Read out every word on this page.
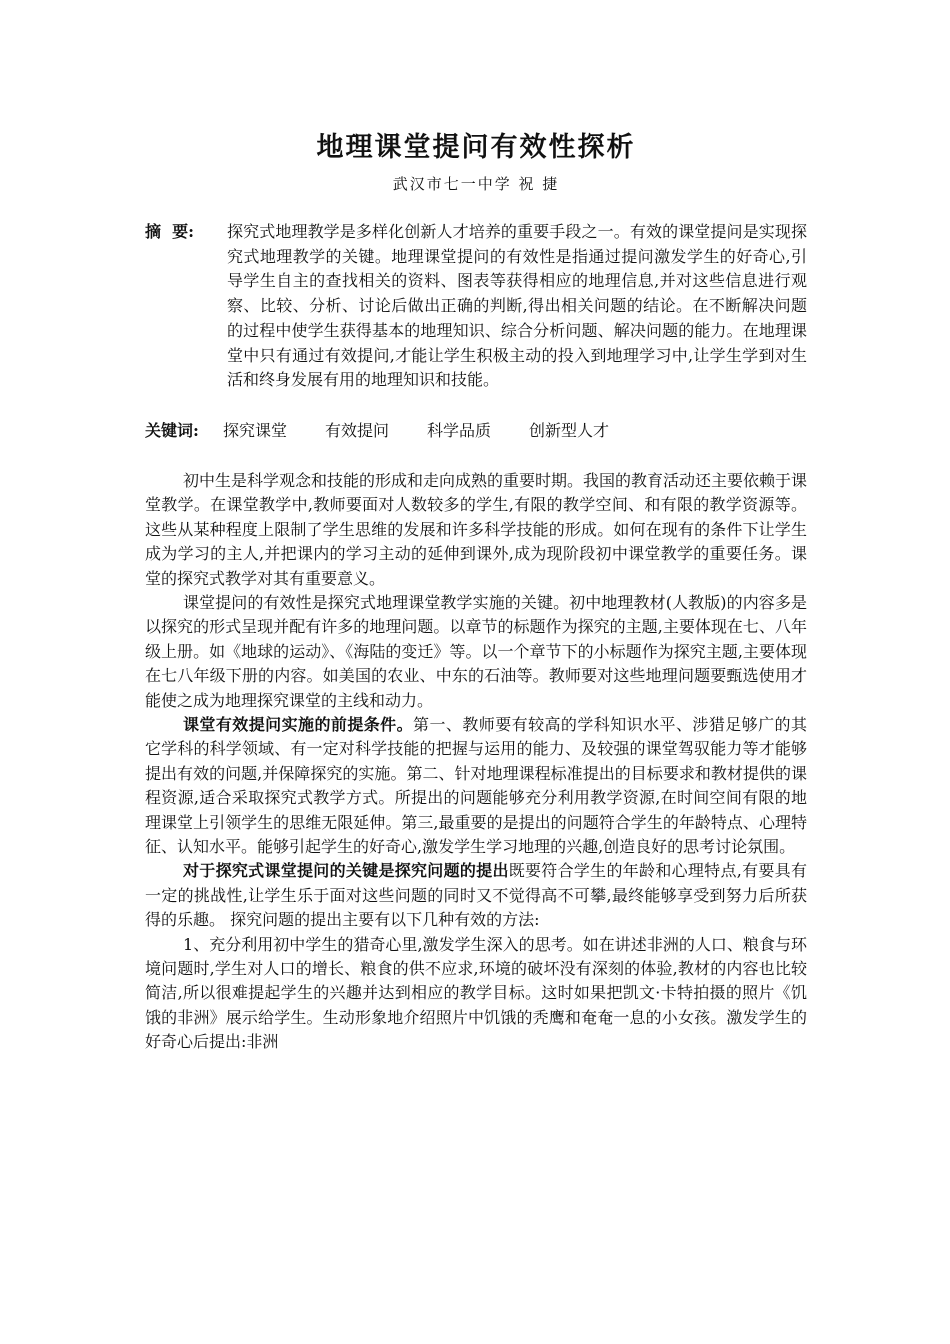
地理课堂提问有效性探析

武汉市七一中学 祝 捷

摘  要:	探究式地理教学是多样化创新人才培养的重要手段之一。有效的课堂提问是实现探究式地理教学的关键。地理课堂提问的有效性是指通过提问激发学生的好奇心,引导学生自主的查找相关的资料、图表等获得相应的地理信息,并对这些信息进行观察、比较、分析、讨论后做出正确的判断,得出相关问题的结论。在不断解决问题的过程中使学生获得基本的地理知识、综合分析问题、解决问题的能力。在地理课堂中只有通过有效提问,才能让学生积极主动的投入到地理学习中,让学生学到对生活和终身发展有用的地理知识和技能。
关键词:	探究课堂 有效提问 科学品质 创新型人才

初中生是科学观念和技能的形成和走向成熟的重要时期。我国的教育活动还主要依赖于课堂教学。在课堂教学中,教师要面对人数较多的学生,有限的教学空间、和有限的教学资源等。这些从某种程度上限制了学生思维的发展和许多科学技能的形成。如何在现有的条件下让学生成为学习的主人,并把课内的学习主动的延伸到课外,成为现阶段初中课堂教学的重要任务。课堂的探究式教学对其有重要意义。

课堂提问的有效性是探究式地理课堂教学实施的关键。初中地理教材(人教版)的内容多是以探究的形式呈现并配有许多的地理问题。以章节的标题作为探究的主题,主要体现在七、八年级上册。如《地球的运动》、《海陆的变迁》等。以一个章节下的小标题作为探究主题,主要体现在七八年级下册的内容。如美国的农业、中东的石油等。教师要对这些地理问题要甄选使用才能使之成为地理探究课堂的主线和动力。

课堂有效提问实施的前提条件。第一、教师要有较高的学科知识水平、涉猎足够广的其它学科的科学领域、有一定对科学技能的把握与运用的能力、及较强的课堂驾驭能力等才能够提出有效的问题,并保障探究的实施。第二、针对地理课程标准提出的目标要求和教材提供的课程资源,适合采取探究式教学方式。所提出的问题能够充分利用教学资源,在时间空间有限的地理课堂上引领学生的思维无限延伸。第三,最重要的是提出的问题符合学生的年龄特点、心理特征、认知水平。能够引起学生的好奇心,激发学生学习地理的兴趣,创造良好的思考讨论氛围。

对于探究式课堂提问的关键是探究问题的提出既要符合学生的年龄和心理特点,有要具有一定的挑战性,让学生乐于面对这些问题的同时又不觉得高不可攀,最终能够享受到努力后所获得的乐趣。 探究问题的提出主要有以下几种有效的方法:

1、充分利用初中学生的猎奇心里,激发学生深入的思考。如在讲述非洲的人口、粮食与环境问题时,学生对人口的增长、粮食的供不应求,环境的破坏没有深刻的体验,教材的内容也比较简洁,所以很难提起学生的兴趣并达到相应的教学目标。这时如果把凯文·卡特拍摄的照片《饥饿的非洲》展示给学生。生动形象地介绍照片中饥饿的秃鹰和奄奄一息的小女孩。激发学生的好奇心后提出:非洲
